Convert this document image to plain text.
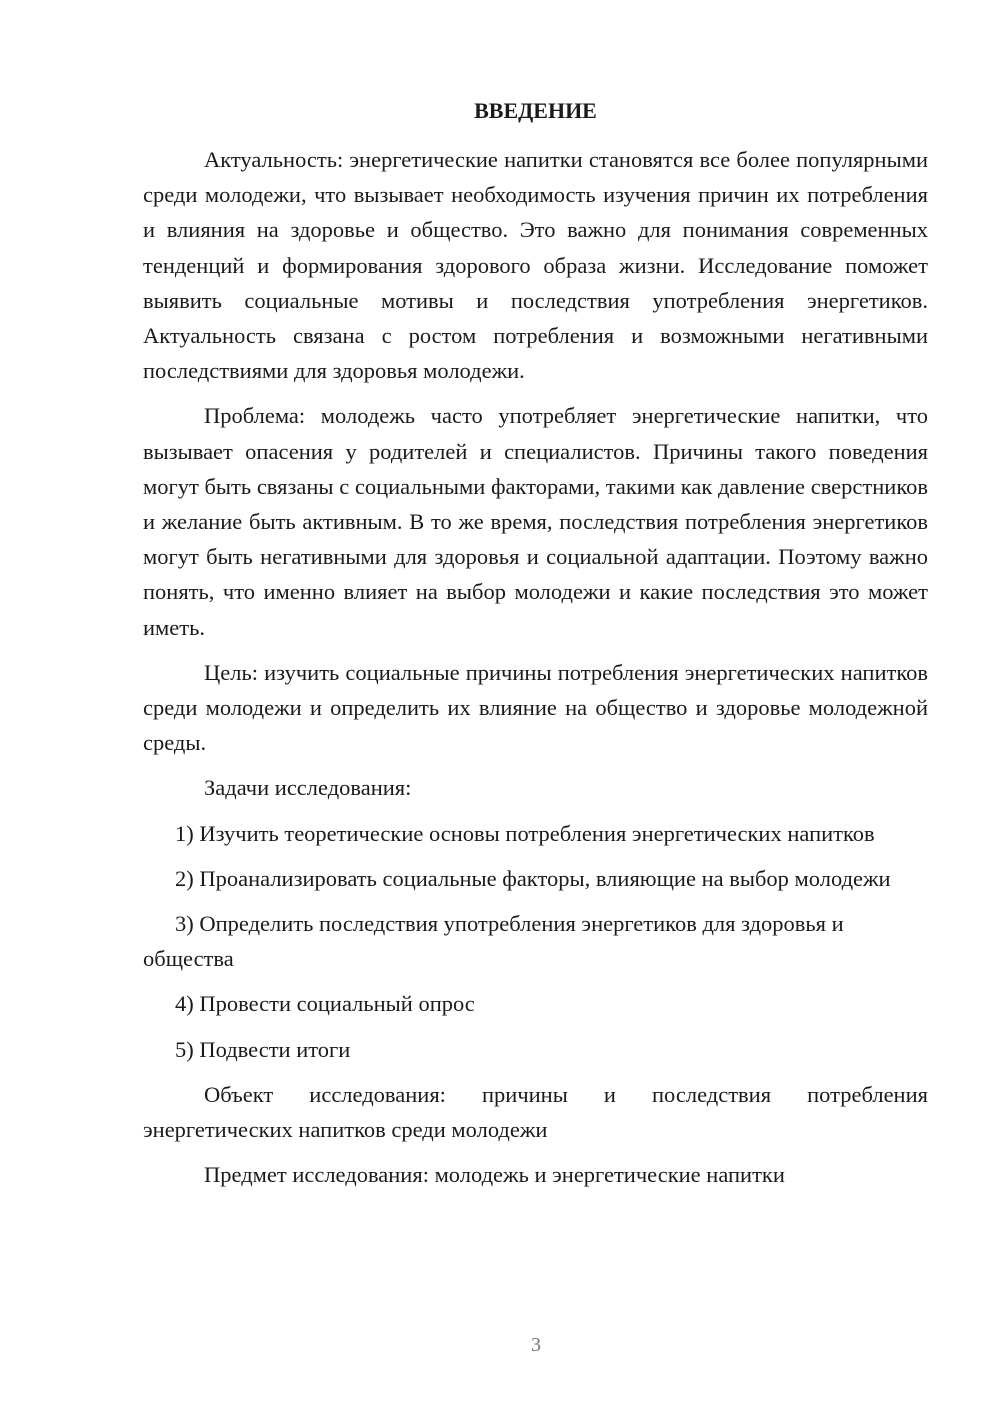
ВВЕДЕНИЕ

Актуальность: энергетические напитки становятся все более популярными среди молодежи, что вызывает необходимость изучения причин их потребления и влияния на здоровье и общество. Это важно для понимания современных тенденций и формирования здорового образа жизни. Исследование поможет выявить социальные мотивы и последствия употребления энергетиков. Актуальность связана с ростом потребления и возможными негативными последствиями для здоровья молодежи.

Проблема: молодежь часто употребляет энергетические напитки, что вызывает опасения у родителей и специалистов. Причины такого поведения могут быть связаны с социальными факторами, такими как давление сверстников и желание быть активным. В то же время, последствия потребления энергетиков могут быть негативными для здоровья и социальной адаптации. Поэтому важно понять, что именно влияет на выбор молодежи и какие последствия это может иметь.

Цель: изучить социальные причины потребления энергетических напитков среди молодежи и определить их влияние на общество и здоровье молодежной среды.

Задачи исследования:

1) Изучить теоретические основы потребления энергетических напитков

2) Проанализировать социальные факторы, влияющие на выбор молодежи

3) Определить последствия употребления энергетиков для здоровья и общества

4) Провести социальный опрос

5) Подвести итоги

Объект исследования: причины и последствия потребления энергетических напитков среди молодежи

Предмет исследования: молодежь и энергетические напитки

3
